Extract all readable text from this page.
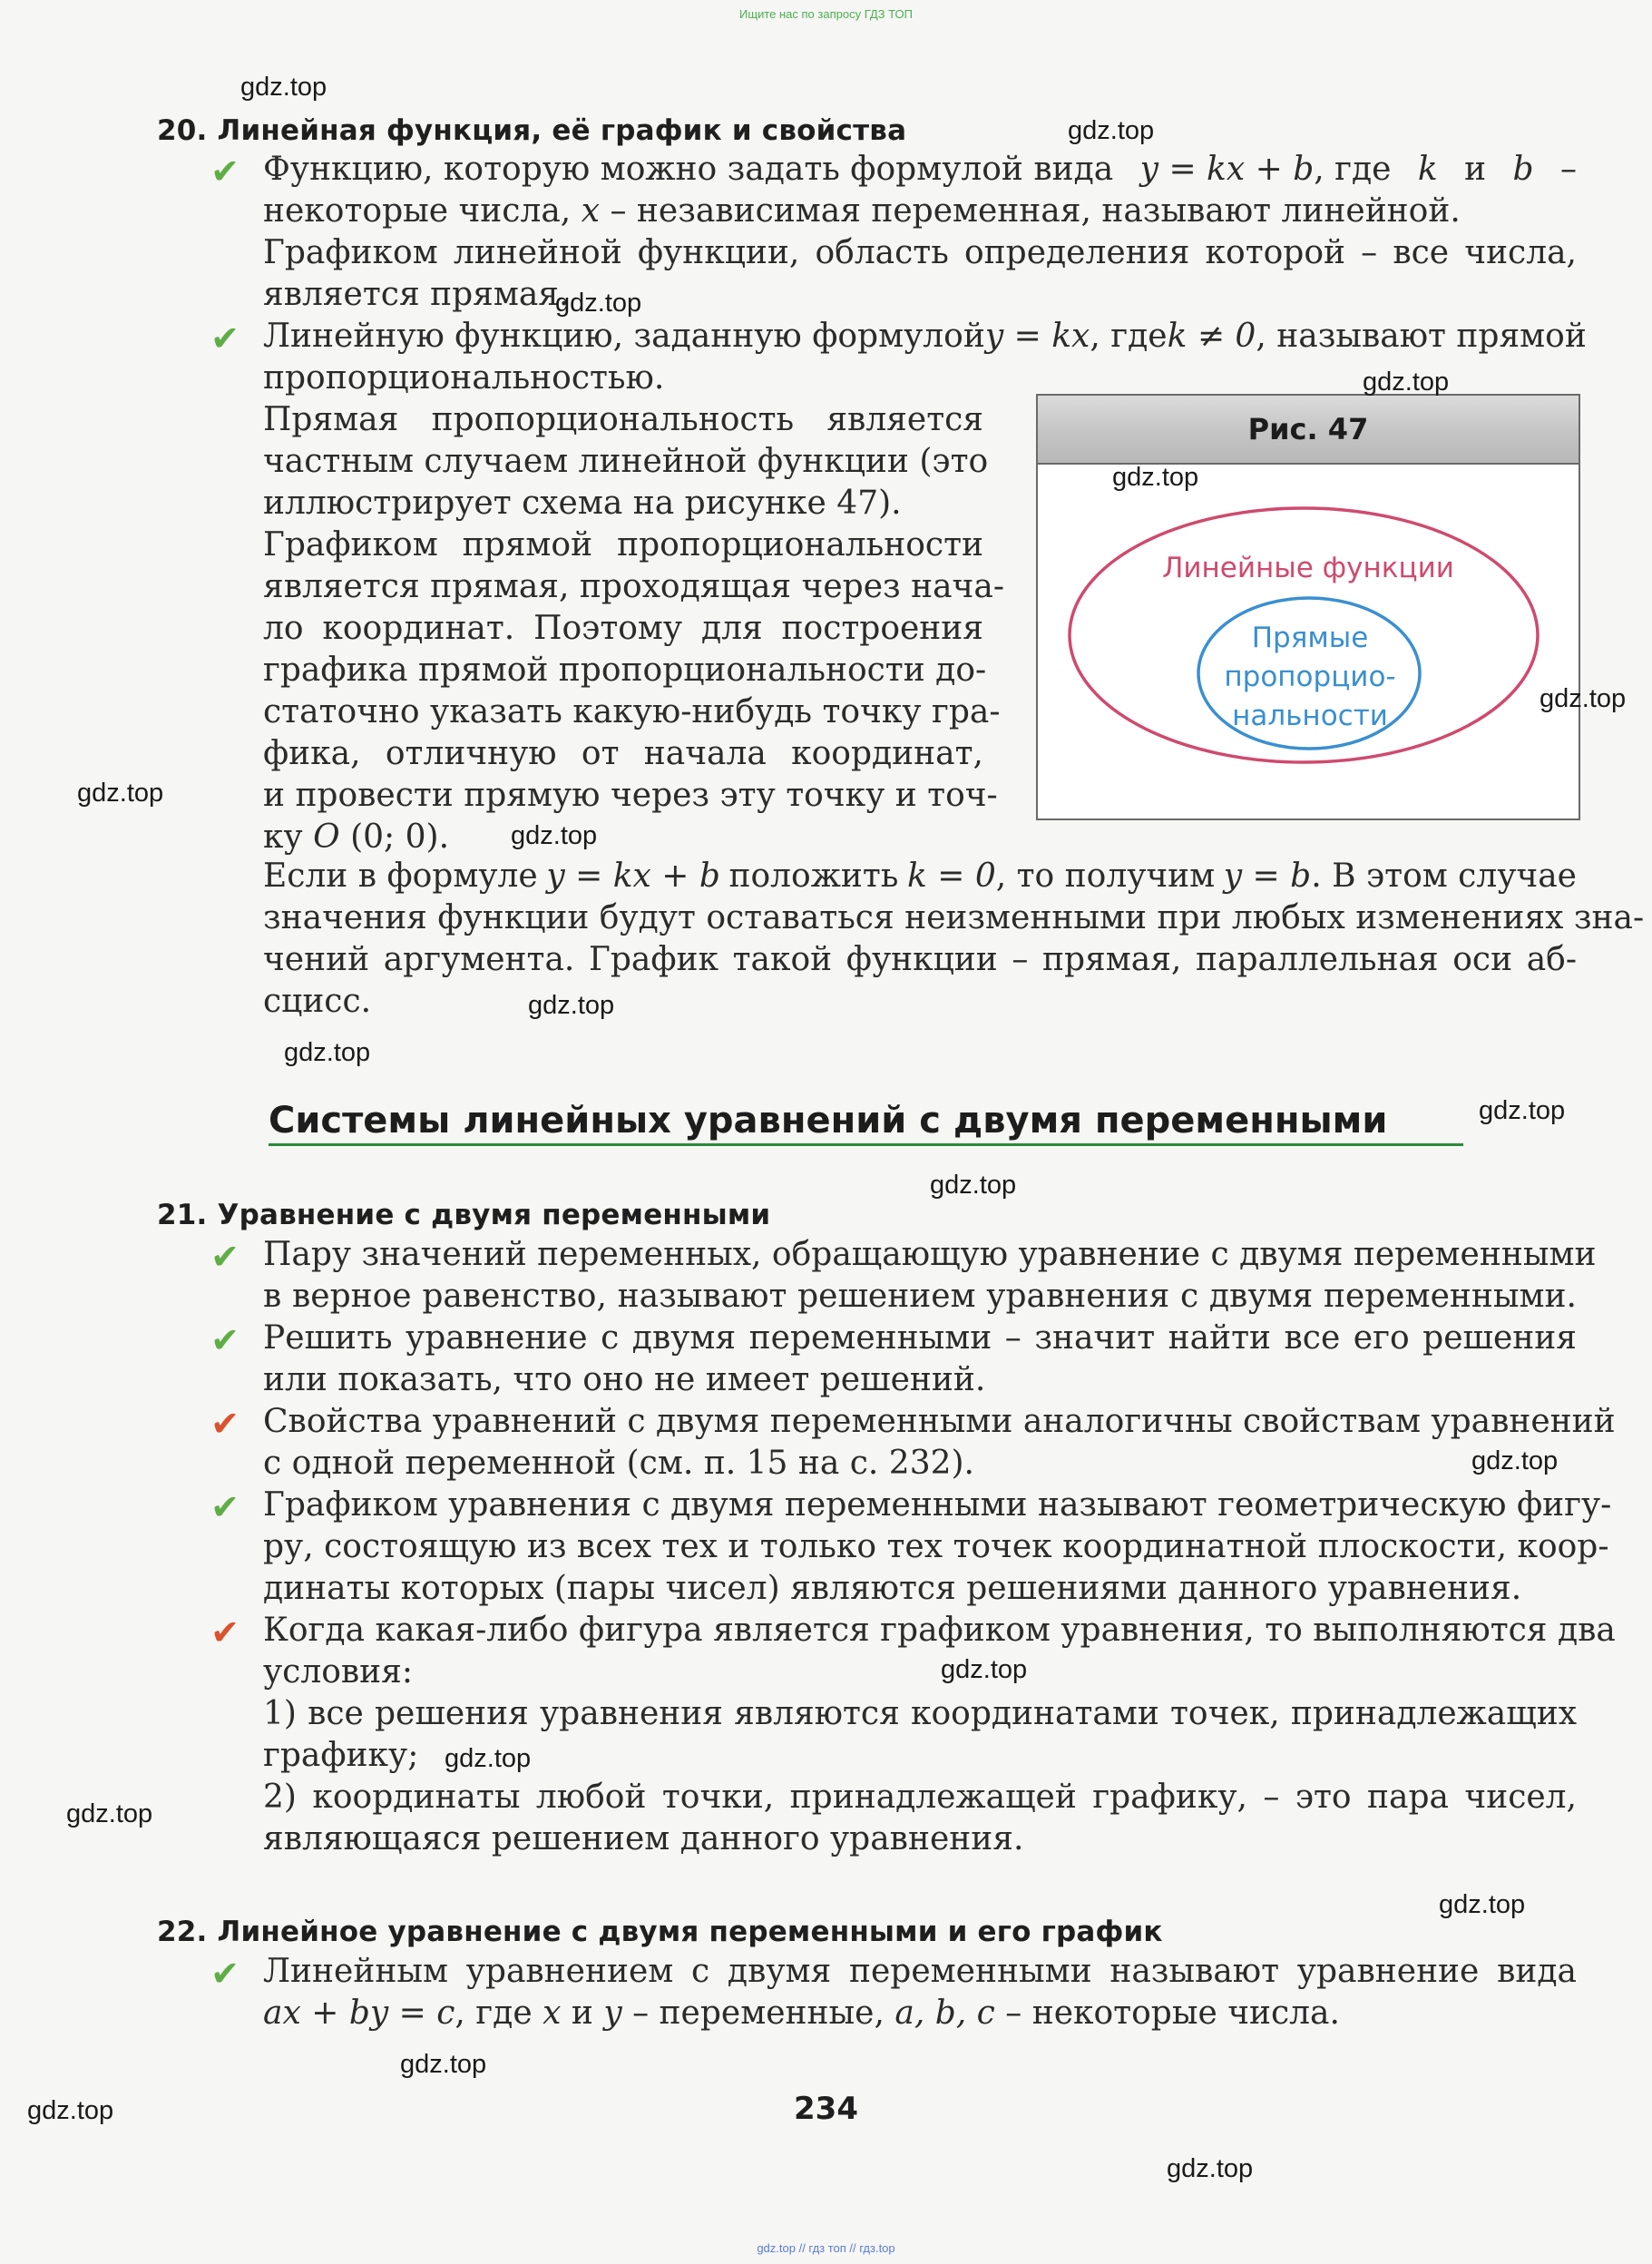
Ищите нас по запросу ГДЗ ТОП
20. Линейная функция, её график и свойства
✔ Функцию, которую можно задать формулой вида y = kx + b, где k и b –
некоторые числа, x – независимая переменная, называют линейной.
Графиком линейной функции, область определения которой – все числа,
является прямая.
✔ Линейную функцию, заданную формулой y = kx, где k ≠ 0 , называют прямой
пропорциональностью.
Прямая пропорциональность является
частным случаем линейной функции (это
иллюстрирует схема на рисунке 47).
Графиком прямой пропорциональности
является прямая, проходящая через нача-
ло координат. Поэтому для построения
графика прямой пропорциональности до-
статочно указать какую-нибудь точку гра-
фика, отличную от начала координат,
и провести прямую через эту точку и точ-
ку O (0; 0).
Рис. 47
Линейные функции
Прямые
пропорцио-
нальности
Если в формуле y = kx + b положить k = 0, то получим y = b. В этом случае
значения функции будут оставаться неизменными при любых изменениях зна-
чений аргумента. График такой функции – прямая, параллельная оси аб-
сцисс.
Системы линейных уравнений с двумя переменными
21. Уравнение с двумя переменными
✔ Пару значений переменных, обращающую уравнение с двумя переменными
в верное равенство, называют решением уравнения с двумя переменными.
✔ Решить уравнение с двумя переменными – значит найти все его решения
или показать, что оно не имеет решений.
✔ Свойства уравнений с двумя переменными аналогичны свойствам уравнений
с одной переменной (см. п. 15 на с. 232).
✔ Графиком уравнения с двумя переменными называют геометрическую фигу-
ру, состоящую из всех тех и только тех точек координатной плоскости, коор-
динаты которых (пары чисел) являются решениями данного уравнения.
✔ Когда какая-либо фигура является графиком уравнения, то выполняются два
условия:
1) все решения уравнения являются координатами точек, принадлежащих
графику;
2) координаты любой точки, принадлежащей графику, – это пара чисел,
являющаяся решением данного уравнения.
22. Линейное уравнение с двумя переменными и его график
✔ Линейным уравнением с двумя переменными называют уравнение вида
ax + by = c, где x и y – переменные, a, b, c – некоторые числа.
234
gdz.top
gdz.top
gdz.top
gdz.top
gdz.top
gdz.top
gdz.top
gdz.top
gdz.top
gdz.top
gdz.top
gdz.top
gdz.top
gdz.top
gdz.top
gdz.top
gdz.top
gdz.top
gdz.top
gdz.top
gdz.top // гдз топ // гдз.top
